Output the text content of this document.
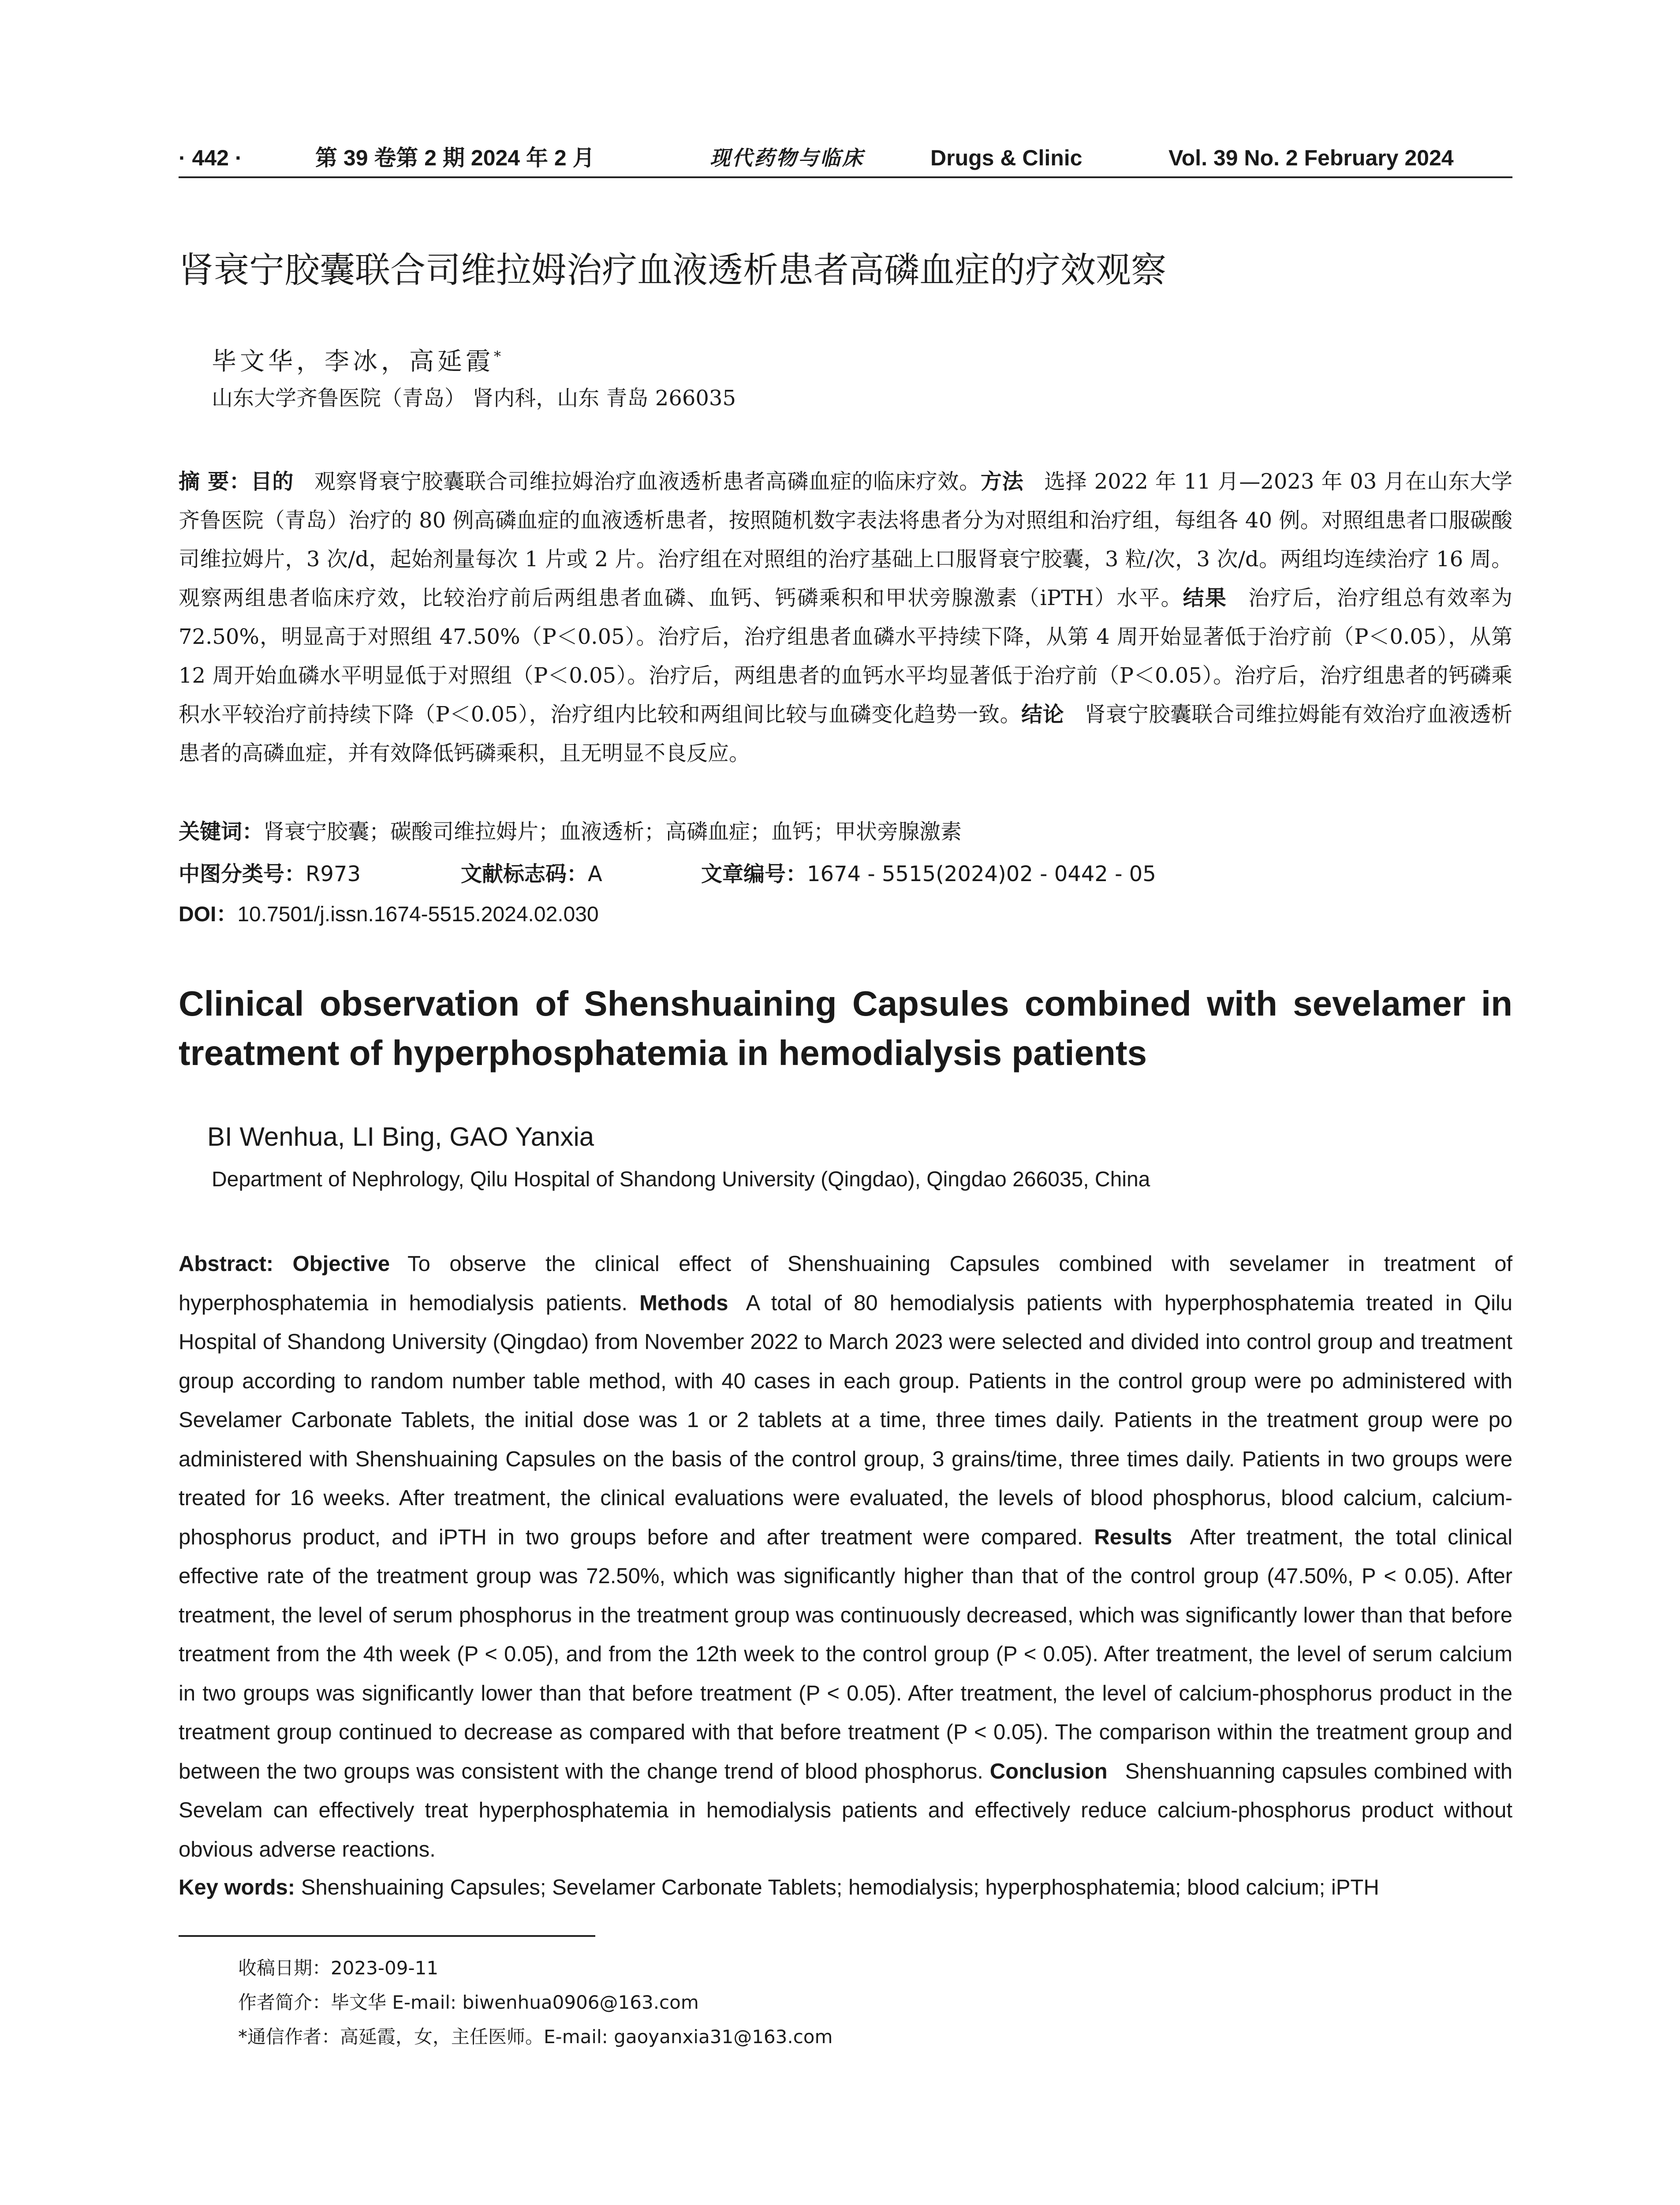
· 442 ·	第 39 卷第 2 期 2024 年 2 月	现代药物与临床	Drugs & Clinic	Vol. 39 No. 2 February 2024
肾衰宁胶囊联合司维拉姆治疗血液透析患者高磷血症的疗效观察
毕文华，李冰，高延霞*
山东大学齐鲁医院（青岛） 肾内科，山东 青岛 266035
摘 要：目的 观察肾衰宁胶囊联合司维拉姆治疗血液透析患者高磷血症的临床疗效。方法 选择 2022 年 11 月—2023 年 03 月在山东大学齐鲁医院（青岛）治疗的 80 例高磷血症的血液透析患者，按照随机数字表法将患者分为对照组和治疗组，每组各 40 例。对照组患者口服碳酸司维拉姆片，3 次/d，起始剂量每次 1 片或 2 片。治疗组在对照组的治疗基础上口服肾衰宁胶囊，3 粒/次，3 次/d。两组均连续治疗 16 周。观察两组患者临床疗效，比较治疗前后两组患者血磷、血钙、钙磷乘积和甲状旁腺激素（iPTH）水平。结果 治疗后，治疗组总有效率为 72.50%，明显高于对照组 47.50%（P＜0.05）。治疗后，治疗组患者血磷水平持续下降，从第 4 周开始显著低于治疗前（P＜0.05），从第 12 周开始血磷水平明显低于对照组（P＜0.05）。治疗后，两组患者的血钙水平均显著低于治疗前（P＜0.05）。治疗后，治疗组患者的钙磷乘积水平较治疗前持续下降（P＜0.05），治疗组内比较和两组间比较与血磷变化趋势一致。结论 肾衰宁胶囊联合司维拉姆能有效治疗血液透析患者的高磷血症，并有效降低钙磷乘积，且无明显不良反应。
关键词：肾衰宁胶囊；碳酸司维拉姆片；血液透析；高磷血症；血钙；甲状旁腺激素
中图分类号：R973	文献标志码：A	文章编号：1674 - 5515(2024)02 - 0442 - 05
DOI：10.7501/j.issn.1674-5515.2024.02.030
Clinical observation of Shenshuaining Capsules combined with sevelamer in treatment of hyperphosphatemia in hemodialysis patients
BI Wenhua, LI Bing, GAO Yanxia
Department of Nephrology, Qilu Hospital of Shandong University (Qingdao), Qingdao 266035, China
Abstract: Objective To observe the clinical effect of Shenshuaining Capsules combined with sevelamer in treatment of hyperphosphatemia in hemodialysis patients. Methods A total of 80 hemodialysis patients with hyperphosphatemia treated in Qilu Hospital of Shandong University (Qingdao) from November 2022 to March 2023 were selected and divided into control group and treatment group according to random number table method, with 40 cases in each group. Patients in the control group were po administered with Sevelamer Carbonate Tablets, the initial dose was 1 or 2 tablets at a time, three times daily. Patients in the treatment group were po administered with Shenshuaining Capsules on the basis of the control group, 3 grains/time, three times daily. Patients in two groups were treated for 16 weeks. After treatment, the clinical evaluations were evaluated, the levels of blood phosphorus, blood calcium, calcium-phosphorus product, and iPTH in two groups before and after treatment were compared. Results After treatment, the total clinical effective rate of the treatment group was 72.50%, which was significantly higher than that of the control group (47.50%, P < 0.05). After treatment, the level of serum phosphorus in the treatment group was continuously decreased, which was significantly lower than that before treatment from the 4th week (P < 0.05), and from the 12th week to the control group (P < 0.05). After treatment, the level of serum calcium in two groups was significantly lower than that before treatment (P < 0.05). After treatment, the level of calcium-phosphorus product in the treatment group continued to decrease as compared with that before treatment (P < 0.05). The comparison within the treatment group and between the two groups was consistent with the change trend of blood phosphorus. Conclusion Shenshuanning capsules combined with Sevelam can effectively treat hyperphosphatemia in hemodialysis patients and effectively reduce calcium-phosphorus product without obvious adverse reactions.
Key words: Shenshuaining Capsules; Sevelamer Carbonate Tablets; hemodialysis; hyperphosphatemia; blood calcium; iPTH
收稿日期：2023-09-11
作者简介：毕文华 E-mail: biwenhua0906@163.com
*通信作者：高延霞，女，主任医师。E-mail: gaoyanxia31@163.com
